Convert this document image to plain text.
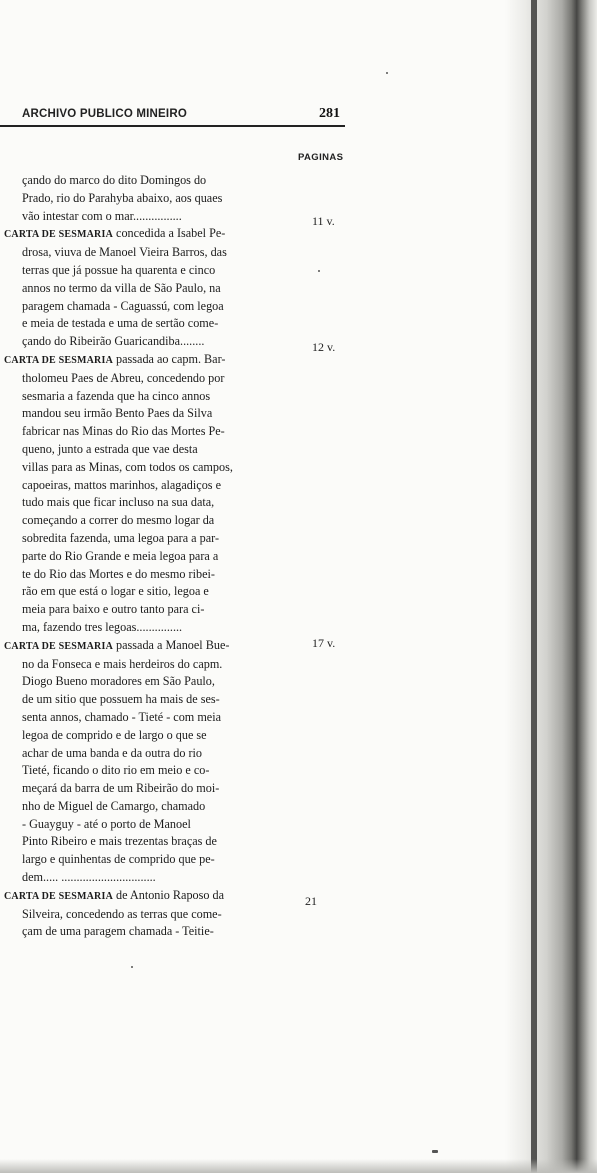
ARCHIVO PUBLICO MINEIRO	281
PAGINAS
çando do marco do dito Domingos do
Prado, rio do Parahyba abaixo, aos quaes
vão intestar com o mar................
CARTA DE SESMARIA concedida a Isabel Pe-
drosa, viuva de Manoel Vieira Barros, das
terras que já possue ha quarenta e cinco
annos no termo da villa de São Paulo, na
paragem chamada - Caguassú, com legoa
e meia de testada e uma de sertão come-
çando do Ribeirão Guaricandiba........
CARTA DE SESMARIA passada ao capm. Bar-
tholomeu Paes de Abreu, concedendo por
sesmaria a fazenda que ha cinco annos
mandou seu irmão Bento Paes da Silva
fabricar nas Minas do Rio das Mortes Pe-
queno, junto a estrada que vae desta
villas para as Minas, com todos os campos,
capoeiras, mattos marinhos, alagadiços e
tudo mais que ficar incluso na sua data,
começando a correr do mesmo logar da
sobredita fazenda, uma legoa para a par-
parte do Rio Grande e meia legoa para a
te do Rio das Mortes e do mesmo ribei-
rão em que está o logar e sitio, legoa e
meia para baixo e outro tanto para ci-
ma, fazendo tres legoas...............
CARTA DE SESMARIA passada a Manoel Bue-
no da Fonseca e mais herdeiros do capm.
Diogo Bueno moradores em São Paulo,
de um sitio que possuem ha mais de ses-
senta annos, chamado - Tieté - com meia
legoa de comprido e de largo o que se
achar de uma banda e da outra do rio
Tieté, ficando o dito rio em meio e co-
meçará da barra de um Ribeirão do moi-
nho de Miguel de Camargo, chamado
- Guayguy - até o porto de Manoel
Pinto Ribeiro e mais trezentas braças de
largo e quinhentas de comprido que pe-
dem..... ...............................
CARTA DE SESMARIA de Antonio Raposo da
Silveira, concedendo as terras que come-
çam de uma paragem chamada - Teitie-
11 v.
12 v.
17 v.
21
